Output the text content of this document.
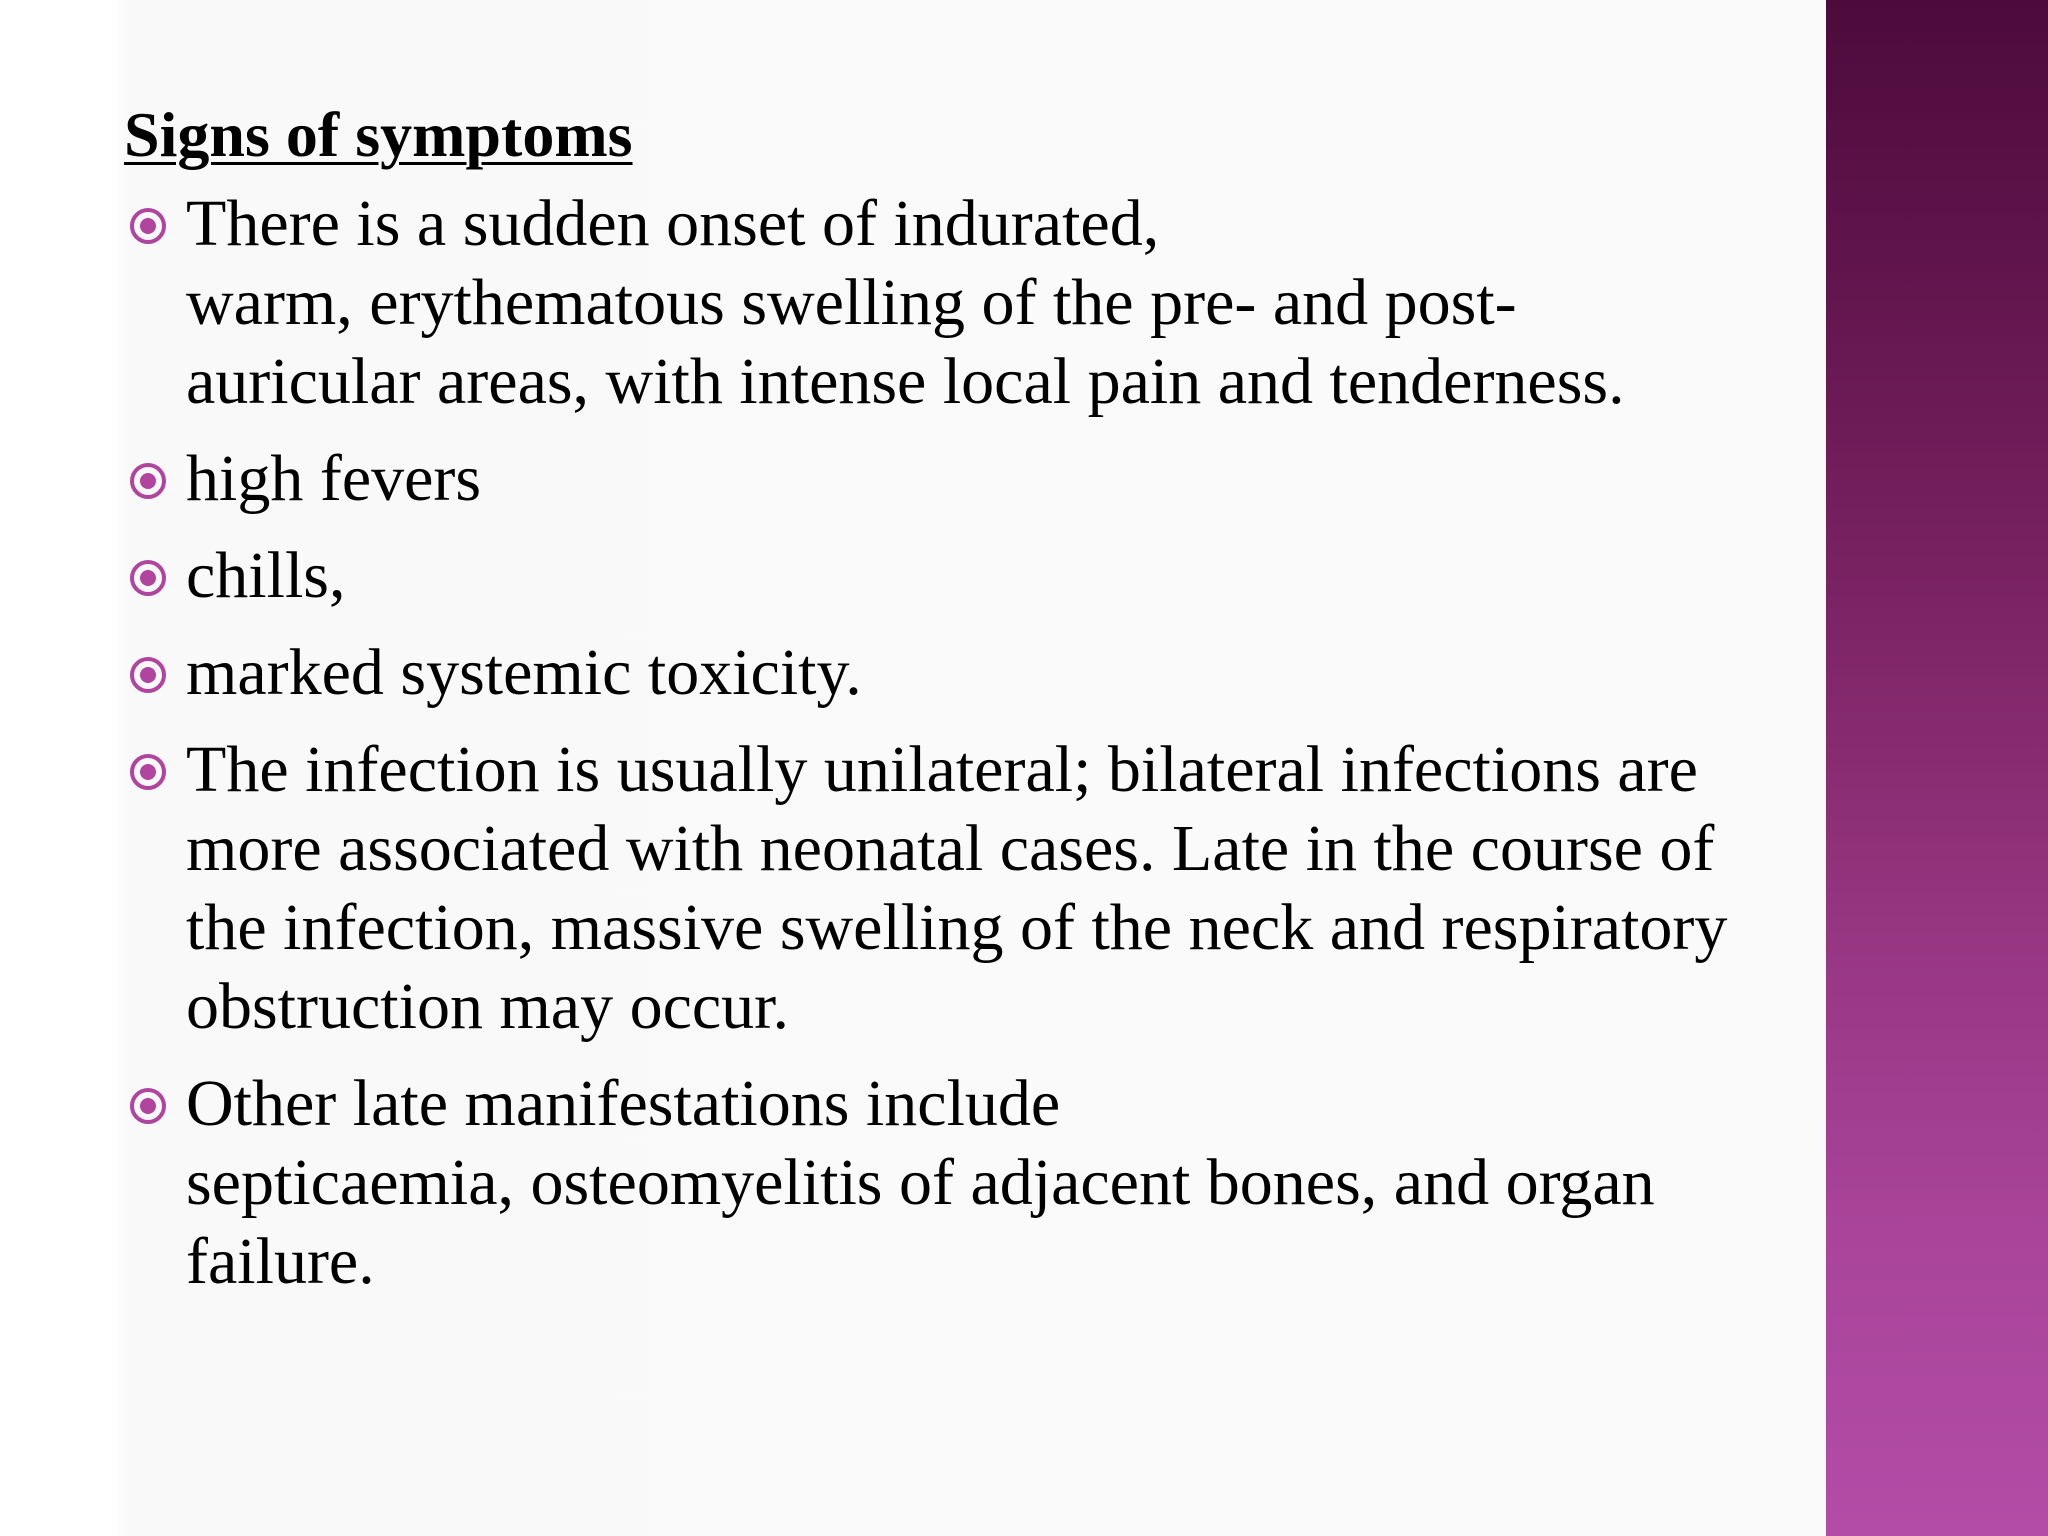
Signs of symptoms
There is a sudden onset of indurated,
warm, erythematous swelling of the pre- and post-
auricular areas, with intense local pain and tenderness.
high fevers
chills,
marked systemic toxicity.
The infection is usually unilateral; bilateral infections are
more associated with neonatal cases. Late in the course of
the infection, massive swelling of the neck and respiratory
obstruction may occur.
Other late manifestations include
septicaemia, osteomyelitis of adjacent bones, and organ
failure.
